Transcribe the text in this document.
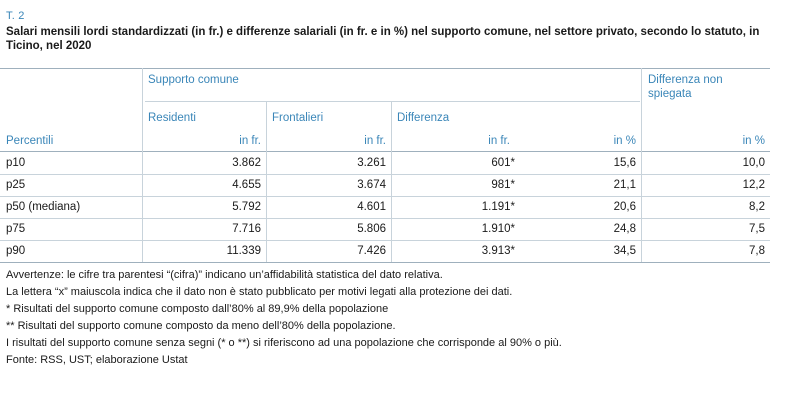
T. 2
Salari mensili lordi standardizzati (in fr.) e differenze salariali (in fr. e in %) nel supporto comune, nel settore privato, secondo lo statuto, in Ticino, nel 2020
Supporto comune	Differenza non spiegata
Residenti	Frontalieri	Differenza
Percentili	in fr.	in fr.	in fr.	in %	in %
p10	3.862	3.261	601*	15,6	10,0
p25	4.655	3.674	981*	21,1	12,2
p50 (mediana)	5.792	4.601	1.191*	20,6	8,2
p75	7.716	5.806	1.910*	24,8	7,5
p90	11.339	7.426	3.913*	34,5	7,8
Avvertenze: le cifre tra parentesi “(cifra)” indicano un’affidabilità statistica del dato relativa.
La lettera “x” maiuscola indica che il dato non è stato pubblicato per motivi legati alla protezione dei dati.
* Risultati del supporto comune composto dall’80% al 89,9% della popolazione
** Risultati del supporto comune composto da meno dell’80% della popolazione.
I risultati del supporto comune senza segni (* o **) si riferiscono ad una popolazione che corrisponde al 90% o più.
Fonte: RSS, UST; elaborazione Ustat
